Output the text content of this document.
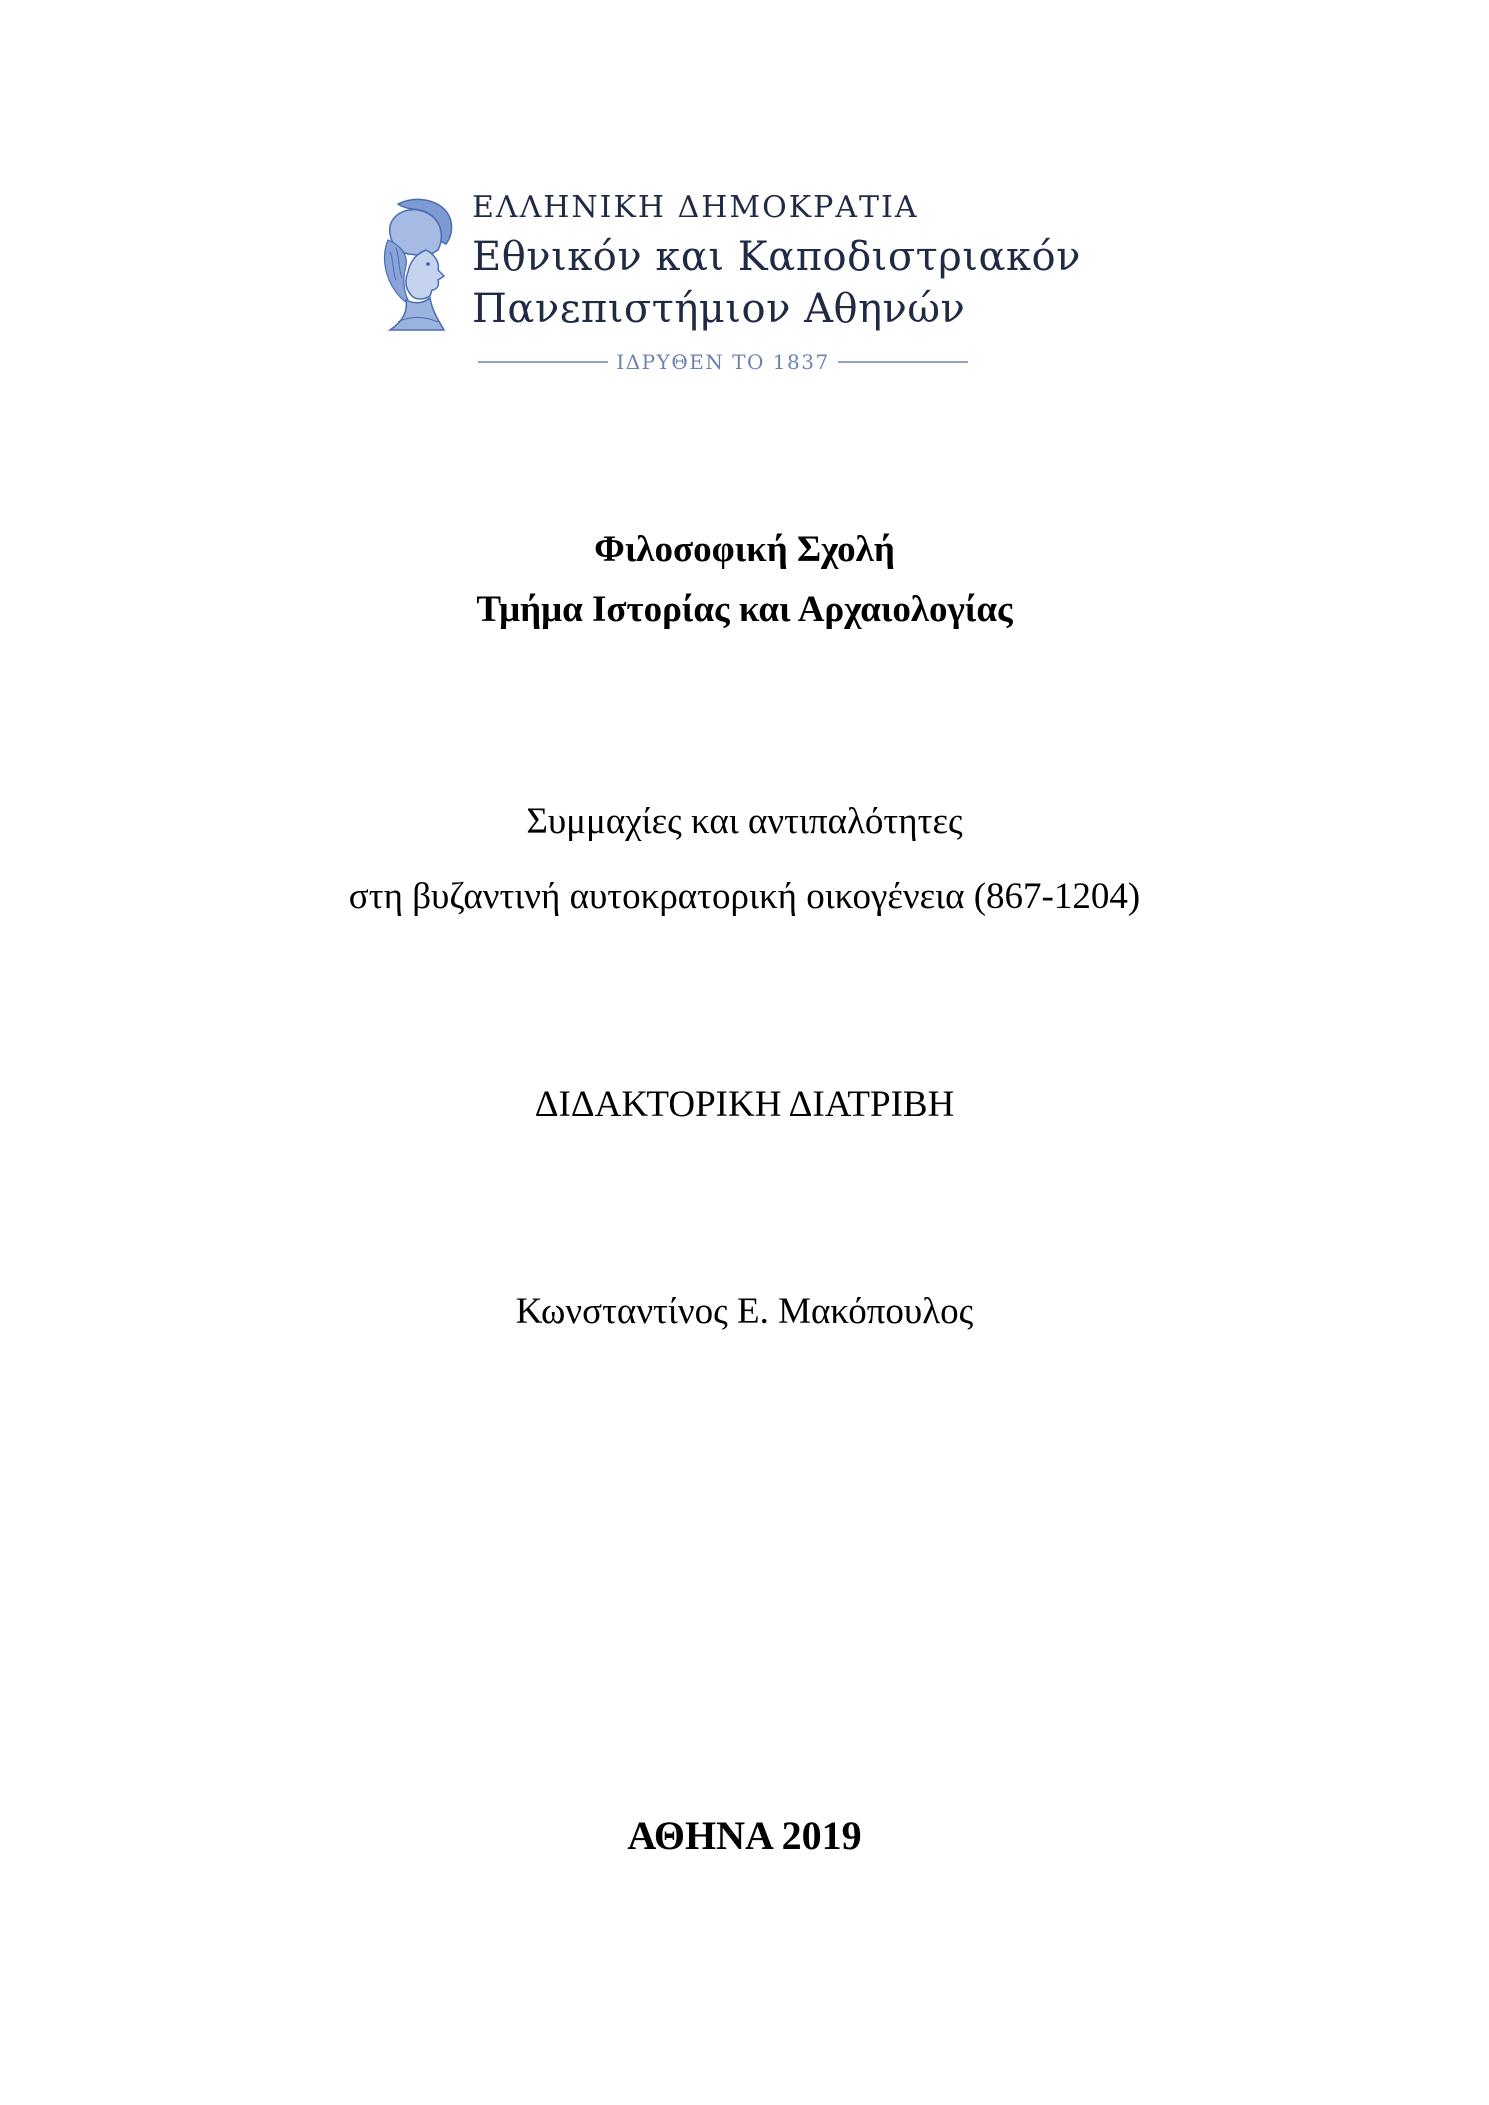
ΕΛΛΗΝΙΚΗ ΔΗΜΟΚΡΑΤΙΑ
Εθνικόν και Καποδιστριακόν
Πανεπιστήμιον Αθηνών
ΙΔΡΥΘΕΝ ΤΟ 1837
Φιλοσοφική Σχολή
Τμήμα Ιστορίας και Αρχαιολογίας
Συμμαχίες και αντιπαλότητες
στη βυζαντινή αυτοκρατορική οικογένεια (867-1204)
ΔΙΔΑΚΤΟΡΙΚΗ ΔΙΑΤΡΙΒΗ
Κωνσταντίνος Ε. Μακόπουλος
ΑΘΗΝΑ 2019
